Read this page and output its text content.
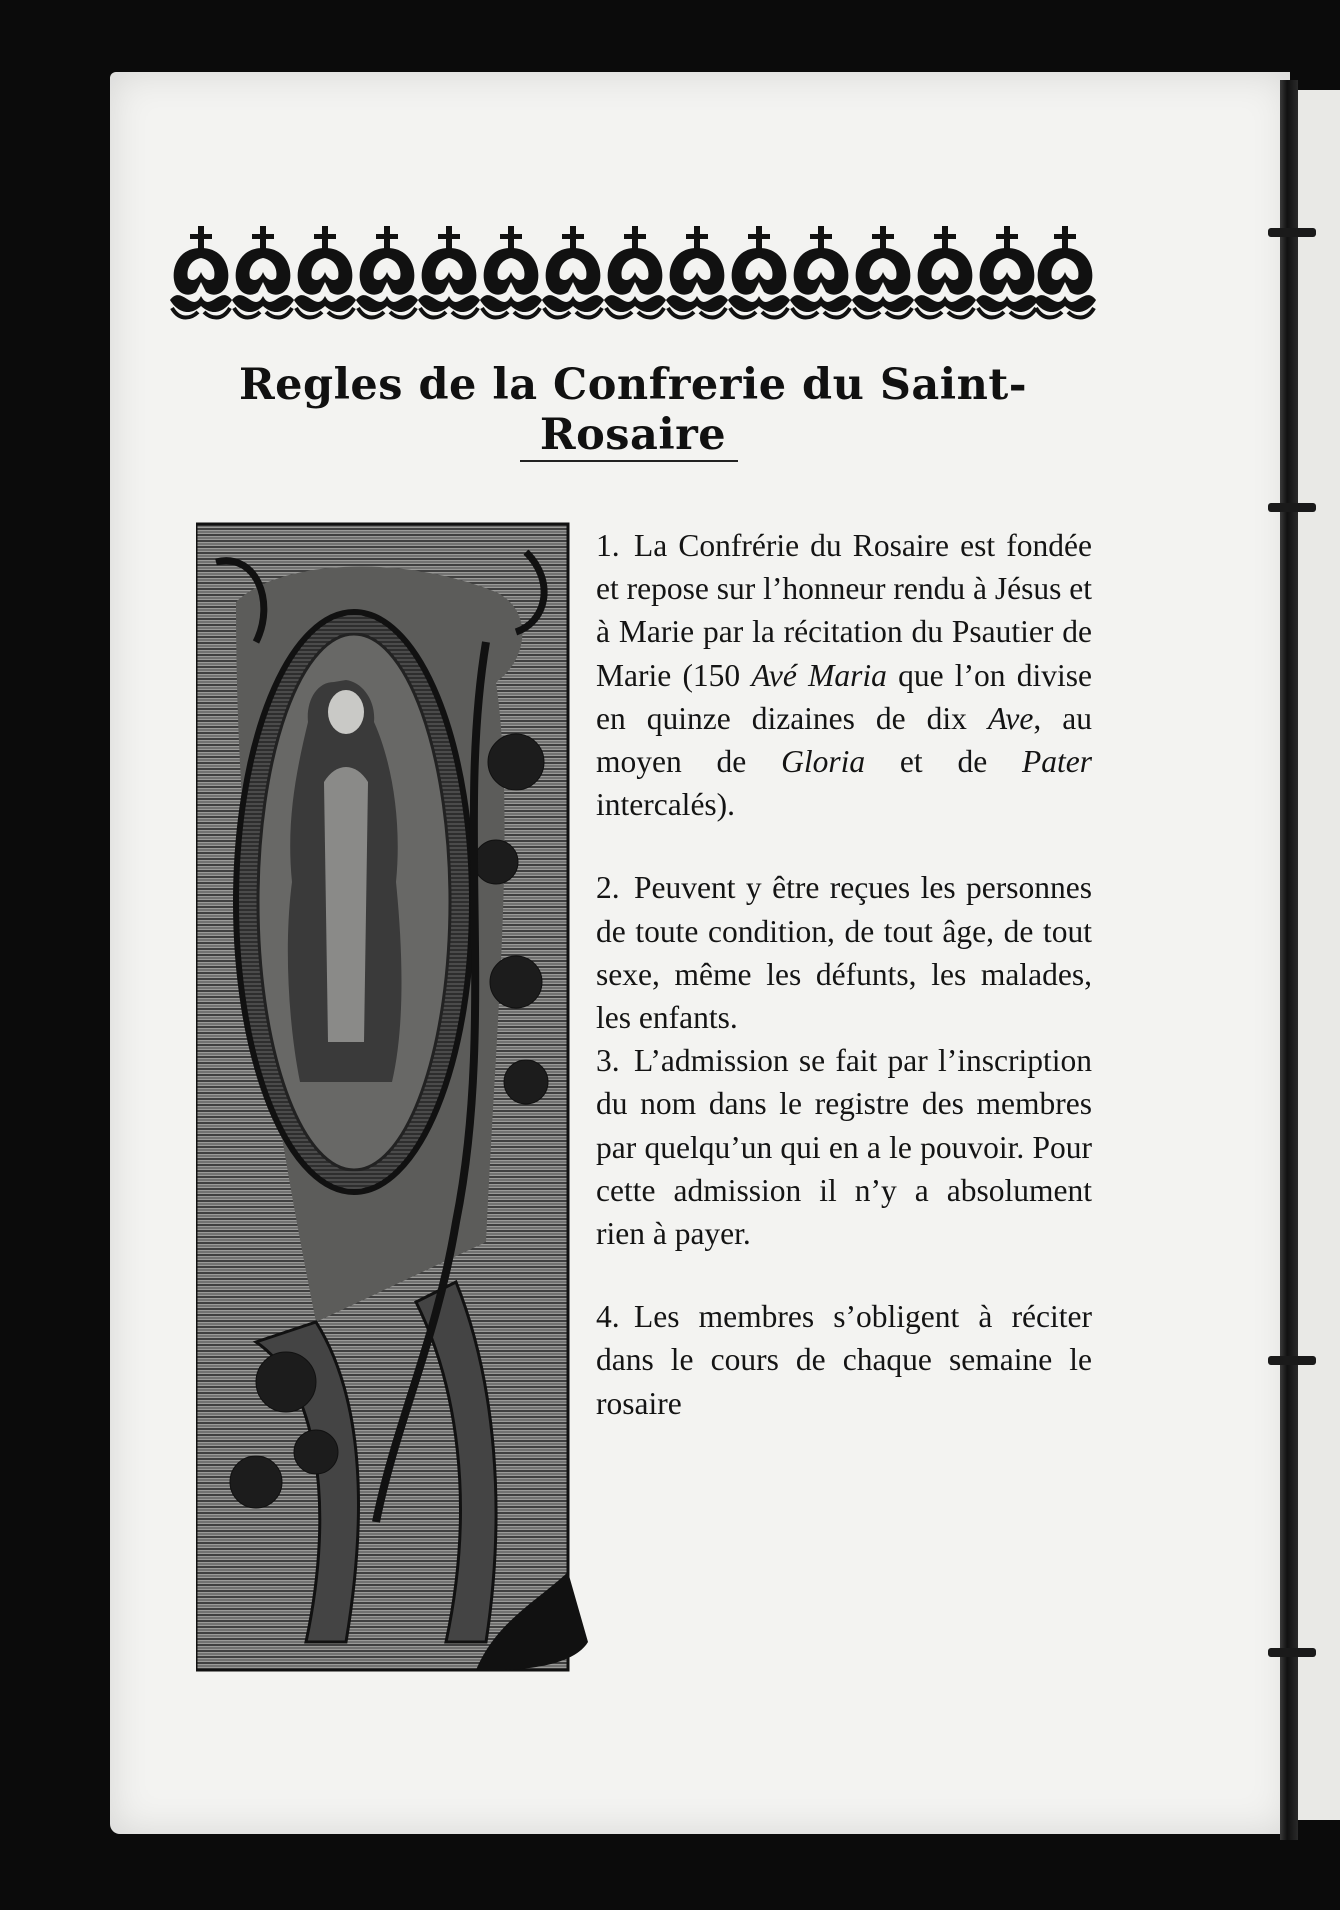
Regles de la Confrerie du Saint-Rosaire

1. La Confrérie du Rosaire est fondée et repose sur l’honneur rendu à Jésus et à Marie par la récitation du Psautier de Marie (150 Avé Maria que l’on divise en quinze dizaines de dix Ave, au moyen de Gloria et de Pater intercalés).

2. Peuvent y être reçues les personnes de toute condition, de tout âge, de tout sexe, même les défunts, les malades, les enfants.

3. L’admission se fait par l’inscription du nom dans le registre des membres par quelqu’un qui en a le pouvoir. Pour cette admission il n’y a absolument rien à payer.

4. Les membres s’obligent à réciter dans le cours de chaque semaine le rosaire
